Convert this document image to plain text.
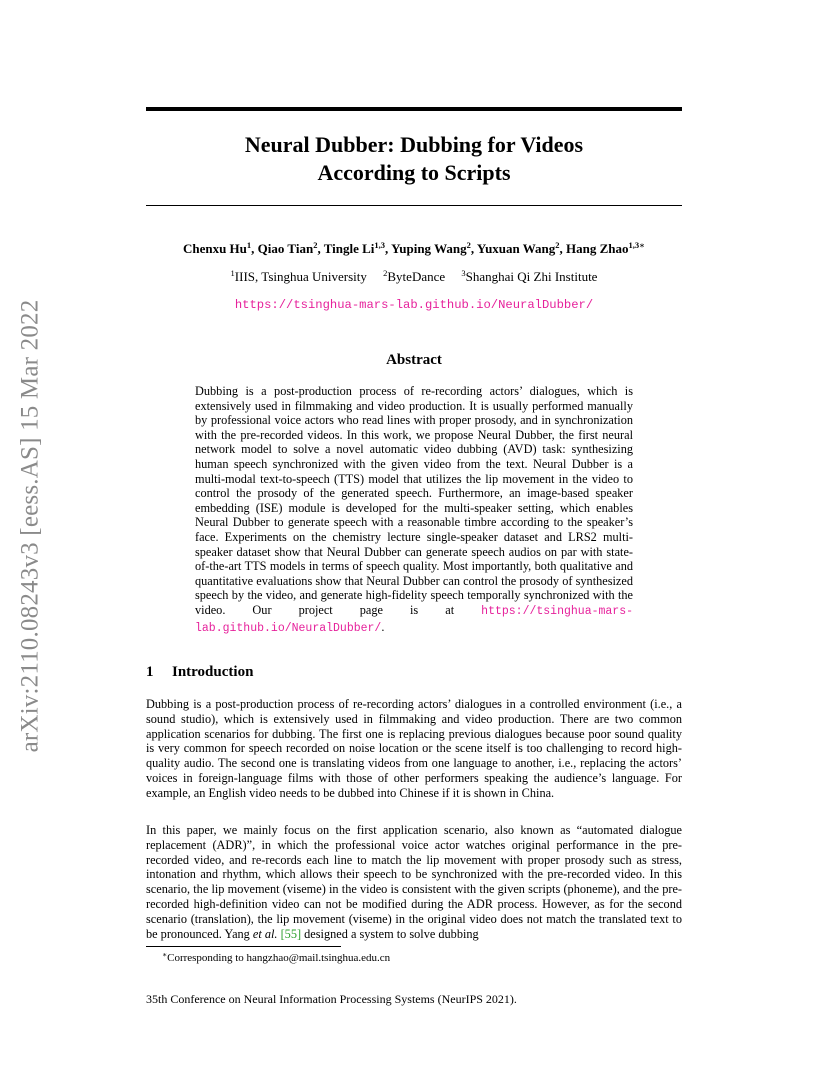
arXiv:2110.08243v3 [eess.AS] 15 Mar 2022
Neural Dubber: Dubbing for Videos
According to Scripts
Chenxu Hu$^1$, Qiao Tian$^2$, Tingle Li$^{1,3}$, Yuping Wang$^2$, Yuxuan Wang$^2$, Hang Zhao$^{1,3∗}$
$^1$IIIS, Tsinghua University $^2$ByteDance $^3$Shanghai Qi Zhi Institute
https://tsinghua-mars-lab.github.io/NeuralDubber/
Abstract
Dubbing is a post-production process of re-recording actors’ dialogues, which is extensively used in filmmaking and video production. It is usually performed manually by professional voice actors who read lines with proper prosody, and in synchronization with the pre-recorded videos. In this work, we propose Neural Dubber, the first neural network model to solve a novel automatic video dubbing (AVD) task: synthesizing human speech synchronized with the given video from the text. Neural Dubber is a multi-modal text-to-speech (TTS) model that utilizes the lip movement in the video to control the prosody of the generated speech. Furthermore, an image-based speaker embedding (ISE) module is developed for the multi-speaker setting, which enables Neural Dubber to generate speech with a reasonable timbre according to the speaker’s face. Experiments on the chemistry lecture single-speaker dataset and LRS2 multi-speaker dataset show that Neural Dubber can generate speech audios on par with state-of-the-art TTS models in terms of speech quality. Most importantly, both qualitative and quantitative evaluations show that Neural Dubber can control the prosody of synthesized speech by the video, and generate high-fidelity speech temporally synchronized with the video. Our project page is at https://tsinghua-mars-lab.github.io/NeuralDubber/.
1 Introduction
Dubbing is a post-production process of re-recording actors’ dialogues in a controlled environment (i.e., a sound studio), which is extensively used in filmmaking and video production. There are two common application scenarios for dubbing. The first one is replacing previous dialogues because poor sound quality is very common for speech recorded on noise location or the scene itself is too challenging to record high-quality audio. The second one is translating videos from one language to another, i.e., replacing the actors’ voices in foreign-language films with those of other performers speaking the audience’s language. For example, an English video needs to be dubbed into Chinese if it is shown in China.
In this paper, we mainly focus on the first application scenario, also known as “automated dialogue replacement (ADR)”, in which the professional voice actor watches original performance in the pre-recorded video, and re-records each line to match the lip movement with proper prosody such as stress, intonation and rhythm, which allows their speech to be synchronized with the pre-recorded video. In this scenario, the lip movement (viseme) in the video is consistent with the given scripts (phoneme), and the pre-recorded high-definition video can not be modified during the ADR process. However, as for the second scenario (translation), the lip movement (viseme) in the original video does not match the translated text to be pronounced. Yang et al. [55] designed a system to solve dubbing
∗Corresponding to hangzhao@mail.tsinghua.edu.cn
35th Conference on Neural Information Processing Systems (NeurIPS 2021).
